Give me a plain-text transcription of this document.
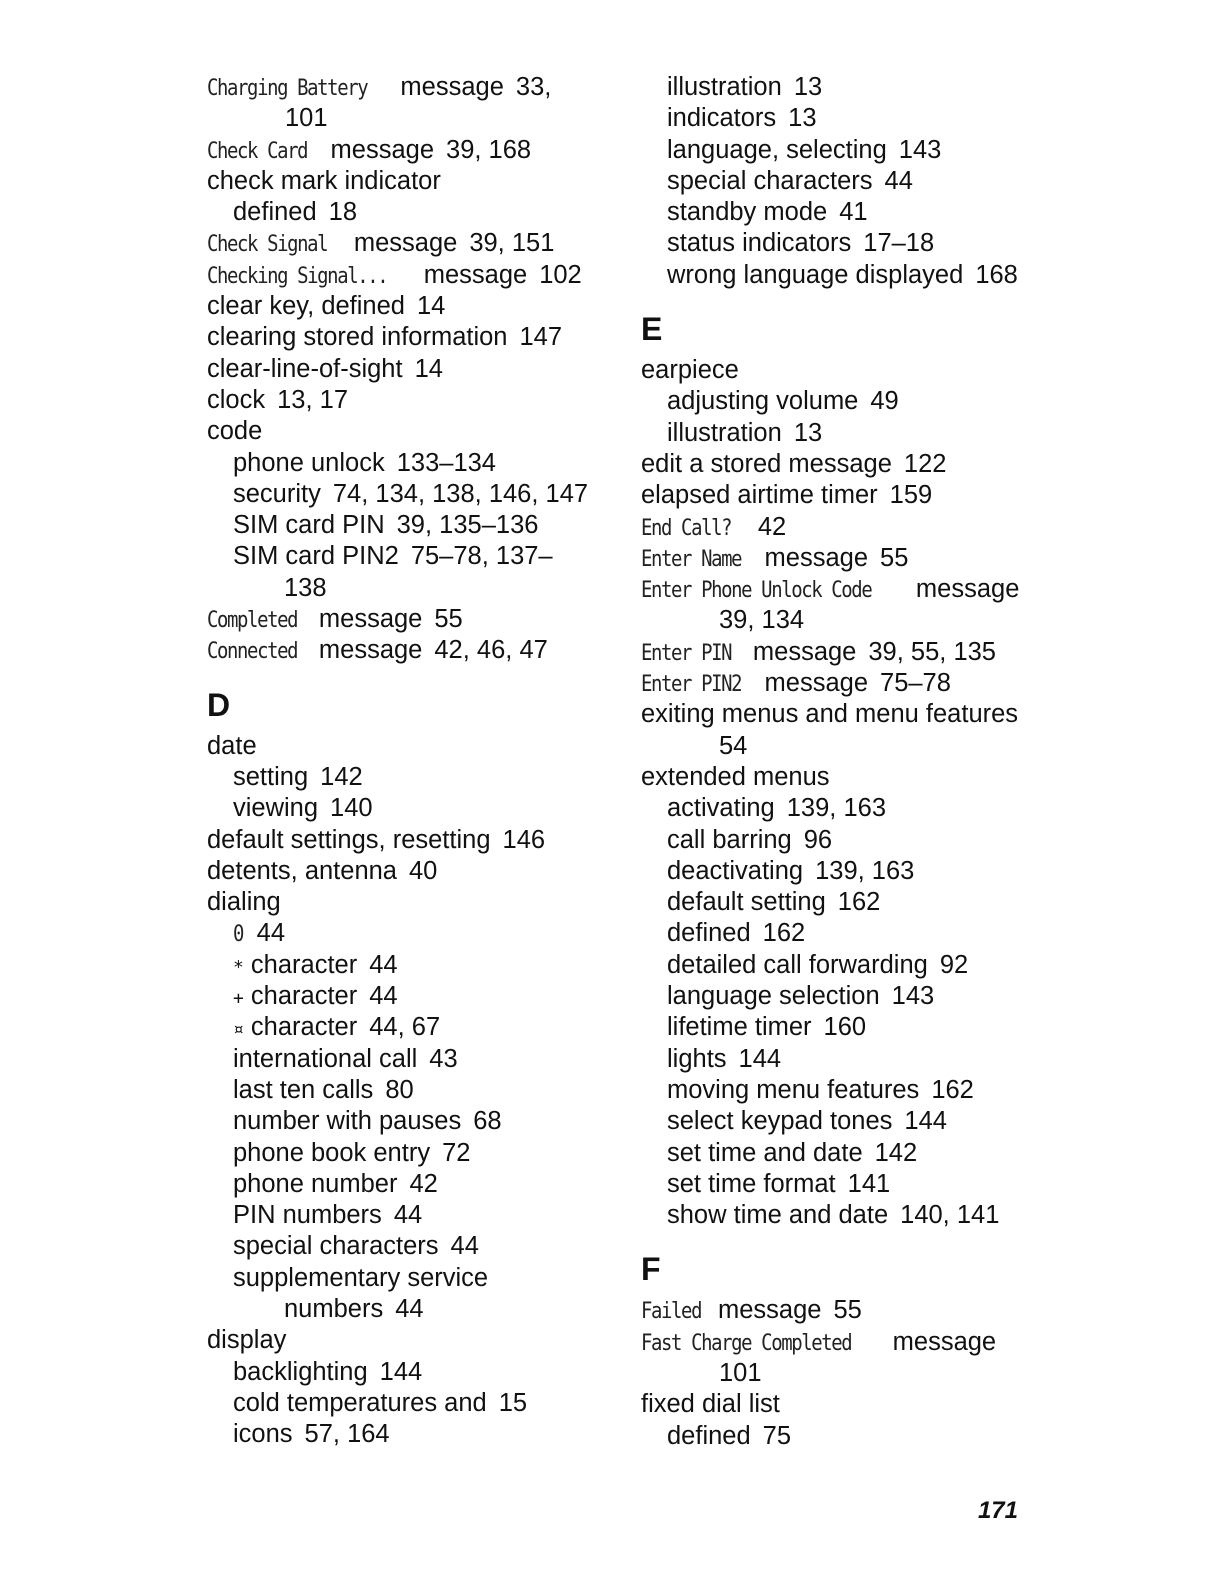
Charging Battery message 33,
101
Check Card message 39, 168
check mark indicator
defined 18
Check Signal message 39, 151
Checking Signal... message 102
clear key, defined 14
clearing stored information 147
clear-line-of-sight 14
clock 13, 17
code
phone unlock 133–134
security 74, 134, 138, 146, 147
SIM card PIN 39, 135–136
SIM card PIN2 75–78, 137–
138
Completed message 55
Connected message 42, 46, 47
D
date
setting 142
viewing 140
default settings, resetting 146
detents, antenna 40
dialing
0 44
* character 44
+ character 44
¤ character 44, 67
international call 43
last ten calls 80
number with pauses 68
phone book entry 72
phone number 42
PIN numbers 44
special characters 44
supplementary service
numbers 44
display
backlighting 144
cold temperatures and 15
icons 57, 164
illustration 13
indicators 13
language, selecting 143
special characters 44
standby mode 41
status indicators 17–18
wrong language displayed 168
E
earpiece
adjusting volume 49
illustration 13
edit a stored message 122
elapsed airtime timer 159
End Call? 42
Enter Name message 55
Enter Phone Unlock Code message
39, 134
Enter PIN message 39, 55, 135
Enter PIN2 message 75–78
exiting menus and menu features
54
extended menus
activating 139, 163
call barring 96
deactivating 139, 163
default setting 162
defined 162
detailed call forwarding 92
language selection 143
lifetime timer 160
lights 144
moving menu features 162
select keypad tones 144
set time and date 142
set time format 141
show time and date 140, 141
F
Failed message 55
Fast Charge Completed message
101
fixed dial list
defined 75
171
